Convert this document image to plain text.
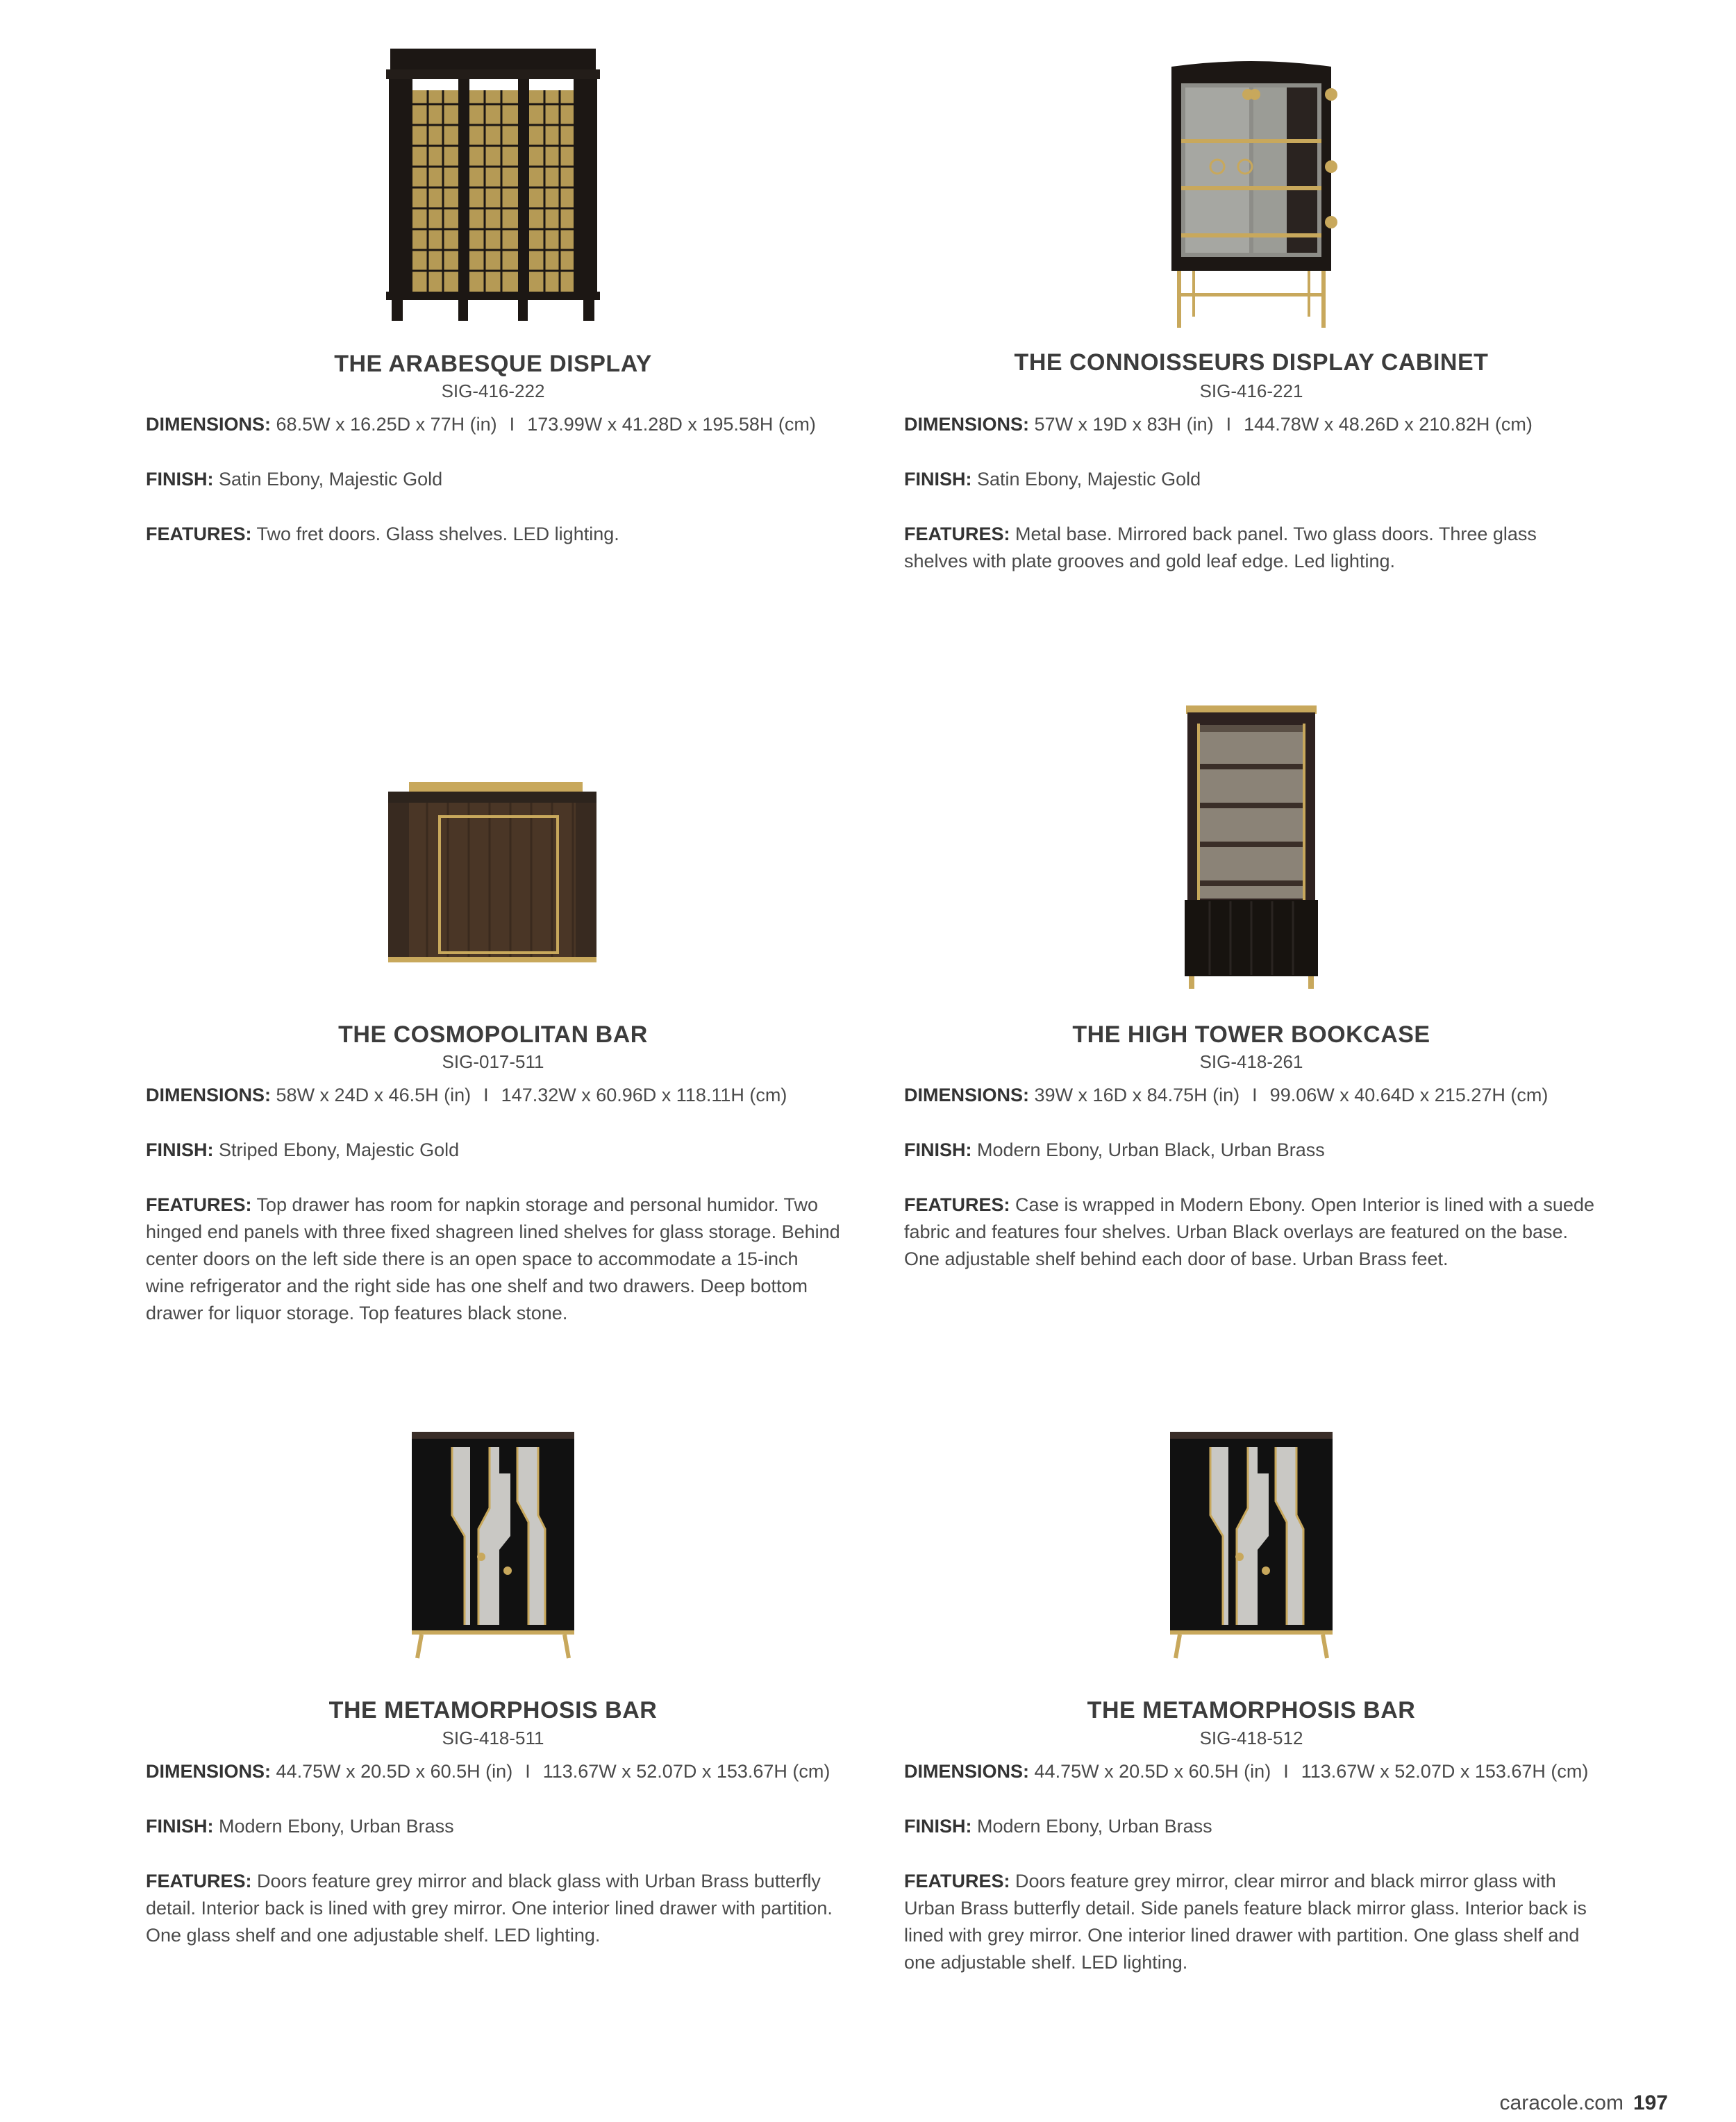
THE ARABESQUE DISPLAY
SIG-416-222
DIMENSIONS: 68.5W x 16.25D x 77H (in) I 173.99W x 41.28D x 195.58H (cm)
FINISH: Satin Ebony, Majestic Gold
FEATURES: Two fret doors. Glass shelves. LED lighting.
THE CONNOISSEURS DISPLAY CABINET
SIG-416-221
DIMENSIONS: 57W x 19D x 83H (in) I 144.78W x 48.26D x 210.82H (cm)
FINISH: Satin Ebony, Majestic Gold
FEATURES: Metal base. Mirrored back panel. Two glass doors. Three glass shelves with plate grooves and gold leaf edge. Led lighting.
THE COSMOPOLITAN BAR
SIG-017-511
DIMENSIONS: 58W x 24D x 46.5H (in) I 147.32W x 60.96D x 118.11H (cm)
FINISH: Striped Ebony, Majestic Gold
FEATURES: Top drawer has room for napkin storage and personal humidor. Two hinged end panels with three fixed shagreen lined shelves for glass storage. Behind center doors on the left side there is an open space to accommodate a 15-inch wine refrigerator and the right side has one shelf and two drawers. Deep bottom drawer for liquor storage. Top features black stone.
THE HIGH TOWER BOOKCASE
SIG-418-261
DIMENSIONS: 39W x 16D x 84.75H (in) I 99.06W x 40.64D x 215.27H (cm)
FINISH: Modern Ebony, Urban Black, Urban Brass
FEATURES: Case is wrapped in Modern Ebony. Open Interior is lined with a suede fabric and features four shelves. Urban Black overlays are featured on the base. One adjustable shelf behind each door of base. Urban Brass feet.
THE METAMORPHOSIS BAR
SIG-418-511
DIMENSIONS: 44.75W x 20.5D x 60.5H (in) I 113.67W x 52.07D x 153.67H (cm)
FINISH: Modern Ebony, Urban Brass
FEATURES: Doors feature grey mirror and black glass with Urban Brass butterfly detail. Interior back is lined with grey mirror. One interior lined drawer with partition. One glass shelf and one adjustable shelf. LED lighting.
THE METAMORPHOSIS BAR
SIG-418-512
DIMENSIONS: 44.75W x 20.5D x 60.5H (in) I 113.67W x 52.07D x 153.67H (cm)
FINISH: Modern Ebony, Urban Brass
FEATURES: Doors feature grey mirror, clear mirror and black mirror glass with Urban Brass butterfly detail. Side panels feature black mirror glass. Interior back is lined with grey mirror. One interior lined drawer with partition. One glass shelf and one adjustable shelf. LED lighting.
caracole.com 197
